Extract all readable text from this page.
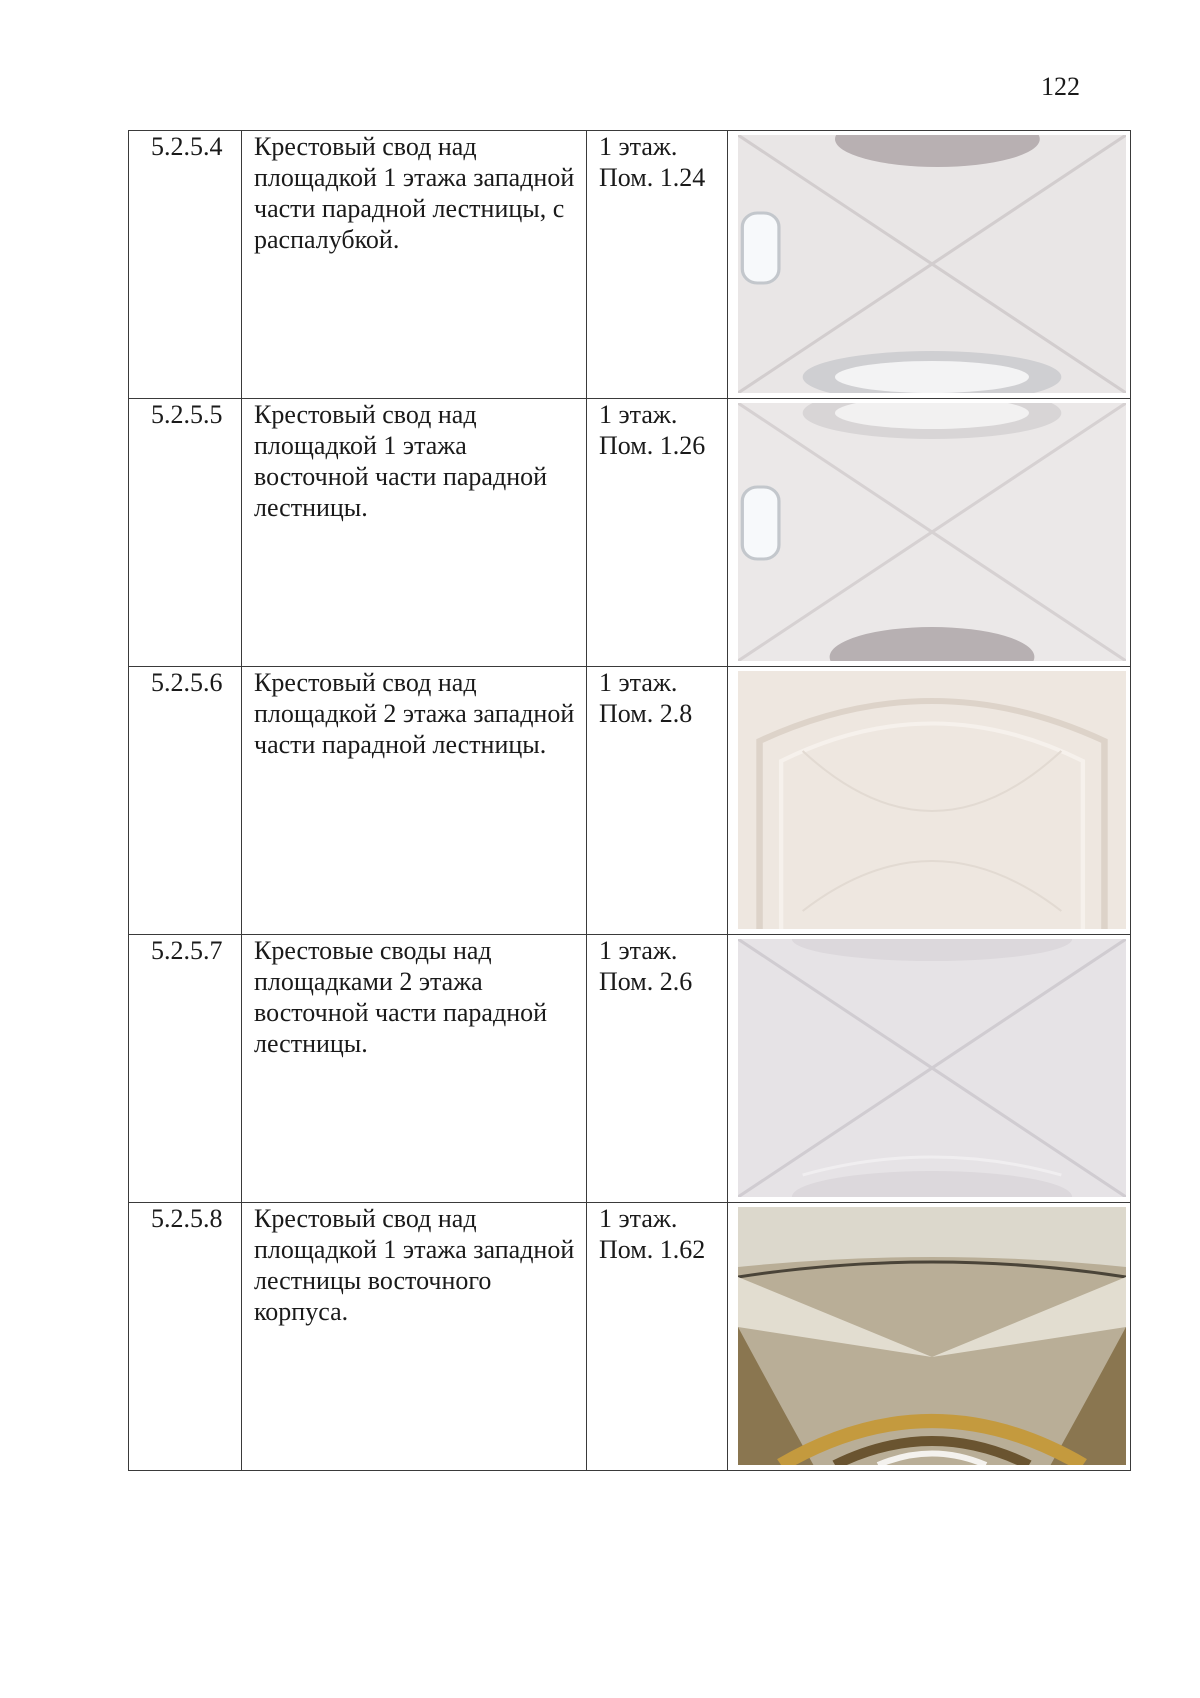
122
5.2.5.4	Крестовый свод над площадкой 1 этажа западной части парадной лестницы, с распалубкой.	1 этаж.
Пом. 1.24

5.2.5.5	Крестовый свод над площадкой 1 этажа восточной части парадной лестницы.	1 этаж.
Пом. 1.26

5.2.5.6	Крестовый свод над площадкой 2 этажа западной части парадной лестницы.	1 этаж.
Пом. 2.8

5.2.5.7	Крестовые своды над площадками 2 этажа восточной части парадной лестницы.	1 этаж.
Пом. 2.6

5.2.5.8	Крестовый свод над площадкой 1 этажа западной лестницы восточного корпуса.	1 этаж.
Пом. 1.62
